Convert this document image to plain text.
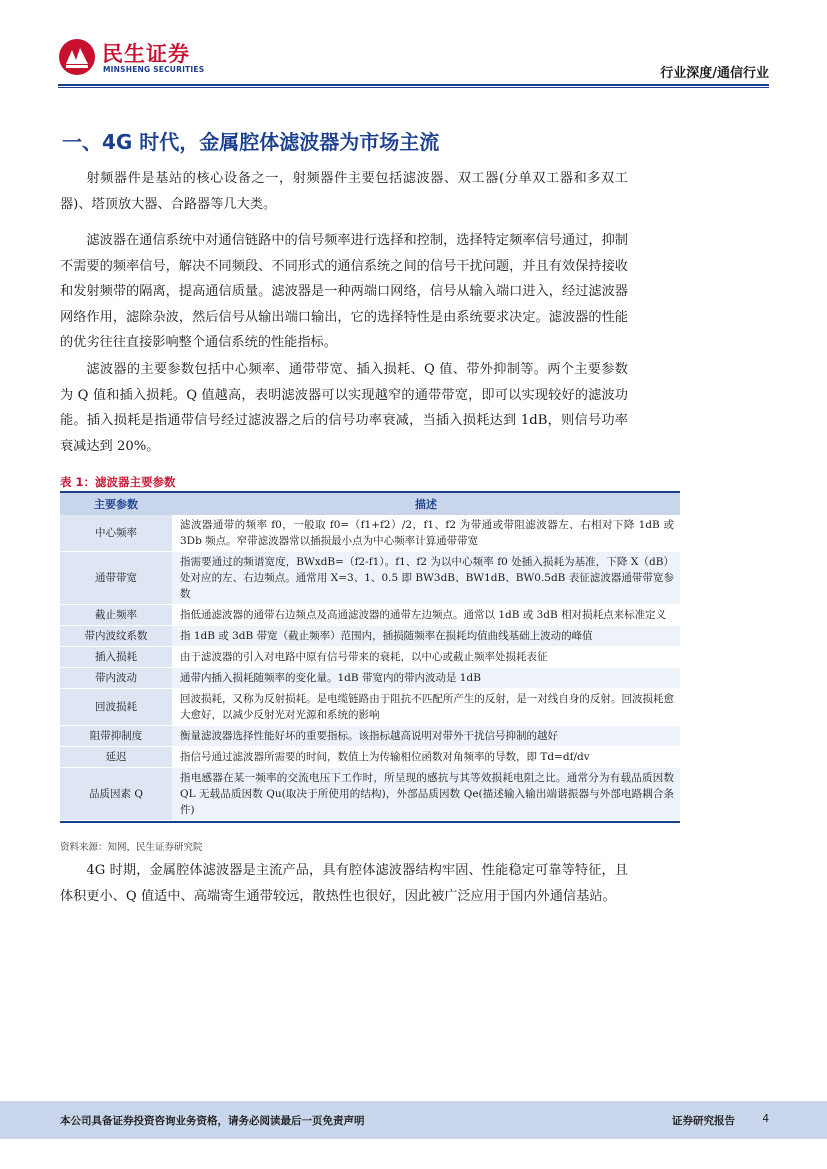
民生证券
MINSHENG SECURITIES	行业深度/通信行业
一、4G 时代，金属腔体滤波器为市场主流

射频器件是基站的核心设备之一，射频器件主要包括滤波器、双工器(分单双工器和多双工器)、塔顶放大器、合路器等几大类。

滤波器在通信系统中对通信链路中的信号频率进行选择和控制，选择特定频率信号通过，抑制不需要的频率信号，解决不同频段、不同形式的通信系统之间的信号干扰问题，并且有效保持接收和发射频带的隔离，提高通信质量。滤波器是一种两端口网络，信号从输入端口进入，经过滤波器网络作用，滤除杂波，然后信号从输出端口输出，它的选择特性是由系统要求决定。滤波器的性能的优劣往往直接影响整个通信系统的性能指标。

滤波器的主要参数包括中心频率、通带带宽、插入损耗、Q 值、带外抑制等。两个主要参数为 Q 值和插入损耗。Q 值越高，表明滤波器可以实现越窄的通带带宽，即可以实现较好的滤波功能。插入损耗是指通带信号经过滤波器之后的信号功率衰减，当插入损耗达到 1dB，则信号功率衰减达到 20%。

表 1：滤波器主要参数
主要参数	描述
中心频率	滤波器通带的频率 f0，一般取 f0=（f1+f2）/2，f1、f2 为带通或带阻滤波器左、右相对下降 1dB 或 3Db 频点。窄带滤波器常以插损最小点为中心频率计算通带带宽
通带带宽	指需要通过的频谱宽度，BWxdB=（f2-f1）。f1、f2 为以中心频率 f0 处插入损耗为基准，下降 X（dB）处对应的左、右边频点。通常用 X=3、1、0.5 即 BW3dB、BW1dB、BW0.5dB 表征滤波器通带带宽参数
截止频率	指低通滤波器的通带右边频点及高通滤波器的通带左边频点。通常以 1dB 或 3dB 相对损耗点来标准定义
带内波纹系数	指 1dB 或 3dB 带宽（截止频率）范围内，插损随频率在损耗均值曲线基础上波动的峰值
插入损耗	由于滤波器的引入对电路中原有信号带来的衰耗，以中心或截止频率处损耗表征
带内波动	通带内插入损耗随频率的变化量。1dB 带宽内的带内波动是 1dB
回波损耗	回波损耗，又称为反射损耗。是电缆链路由于阻抗不匹配所产生的反射，是一对线自身的反射。回波损耗愈大愈好，以减少反射光对光源和系统的影响
阻带抑制度	衡量滤波器选择性能好坏的重要指标。该指标越高说明对带外干扰信号抑制的越好
延迟	指信号通过滤波器所需要的时间，数值上为传输相位函数对角频率的导数，即 Td=df/dv
品质因素 Q	指电感器在某一频率的交流电压下工作时，所呈现的感抗与其等效损耗电阻之比。通常分为有载品质因数 QL 无载品质因数 Qu(取决于所使用的结构)，外部品质因数 Qe(描述输入输出端谐振器与外部电路耦合条件)
资料来源：知网，民生证券研究院

4G 时期，金属腔体滤波器是主流产品，具有腔体滤波器结构牢固、性能稳定可靠等特征，且体积更小、Q 值适中、高端寄生通带较远，散热性也很好，因此被广泛应用于国内外通信基站。

本公司具备证券投资咨询业务资格，请务必阅读最后一页免责声明	证券研究报告	4
